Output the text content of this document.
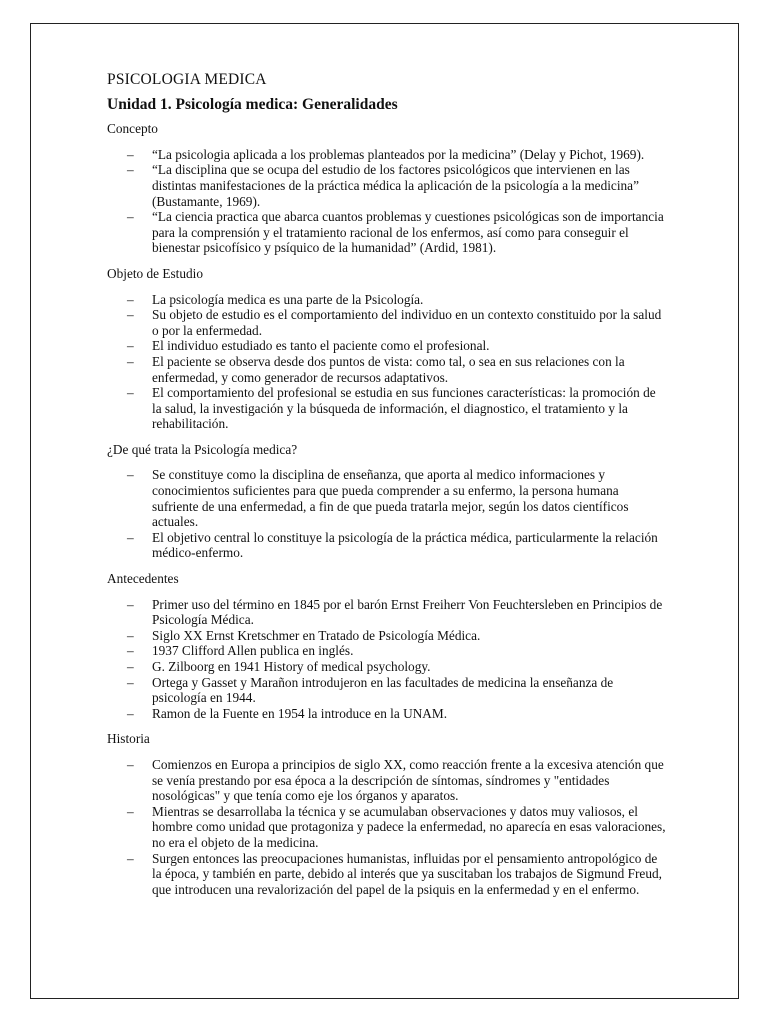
PSICOLOGIA MEDICA
Unidad 1. Psicología medica: Generalidades
Concepto
– “La psicologia aplicada a los problemas planteados por la medicina” (Delay y Pichot, 1969).
– “La disciplina que se ocupa del estudio de los factores psicológicos que intervienen en las distintas manifestaciones de la práctica médica la aplicación de la psicología a la medicina” (Bustamante, 1969).
– “La ciencia practica que abarca cuantos problemas y cuestiones psicológicas son de importancia para la comprensión y el tratamiento racional de los enfermos, así como para conseguir el bienestar psicofísico y psíquico de la humanidad” (Ardid, 1981).
Objeto de Estudio
– La psicología medica es una parte de la Psicología.
– Su objeto de estudio es el comportamiento del individuo en un contexto constituido por la salud o por la enfermedad.
– El individuo estudiado es tanto el paciente como el profesional.
– El paciente se observa desde dos puntos de vista: como tal, o sea en sus relaciones con la enfermedad, y como generador de recursos adaptativos.
– El comportamiento del profesional se estudia en sus funciones características: la promoción de la salud, la investigación y la búsqueda de información, el diagnostico, el tratamiento y la rehabilitación.
¿De qué trata la Psicología medica?
– Se constituye como la disciplina de enseñanza, que aporta al medico informaciones y conocimientos suficientes para que pueda comprender a su enfermo, la persona humana sufriente de una enfermedad, a fin de que pueda tratarla mejor, según los datos científicos actuales.
– El objetivo central lo constituye la psicología de la práctica médica, particularmente la relación médico-enfermo.
Antecedentes
– Primer uso del término en 1845 por el barón Ernst Freiherr Von Feuchtersleben en Principios de Psicología Médica.
– Siglo XX Ernst Kretschmer en Tratado de Psicología Médica.
– 1937 Clifford Allen publica en inglés.
– G. Zilboorg en 1941 History of medical psychology.
– Ortega y Gasset y Marañon introdujeron en las facultades de medicina la enseñanza de psicología en 1944.
– Ramon de la Fuente en 1954 la introduce en la UNAM.
Historia
– Comienzos en Europa a principios de siglo XX, como reacción frente a la excesiva atención que se venía prestando por esa época a la descripción de síntomas, síndromes y "entidades nosológicas" y que tenía como eje los órganos y aparatos.
– Mientras se desarrollaba la técnica y se acumulaban observaciones y datos muy valiosos, el hombre como unidad que protagoniza y padece la enfermedad, no aparecía en esas valoraciones, no era el objeto de la medicina.
– Surgen entonces las preocupaciones humanistas, influidas por el pensamiento antropológico de la época, y también en parte, debido al interés que ya suscitaban los trabajos de Sigmund Freud, que introducen una revalorización del papel de la psiquis en la enfermedad y en el enfermo.
